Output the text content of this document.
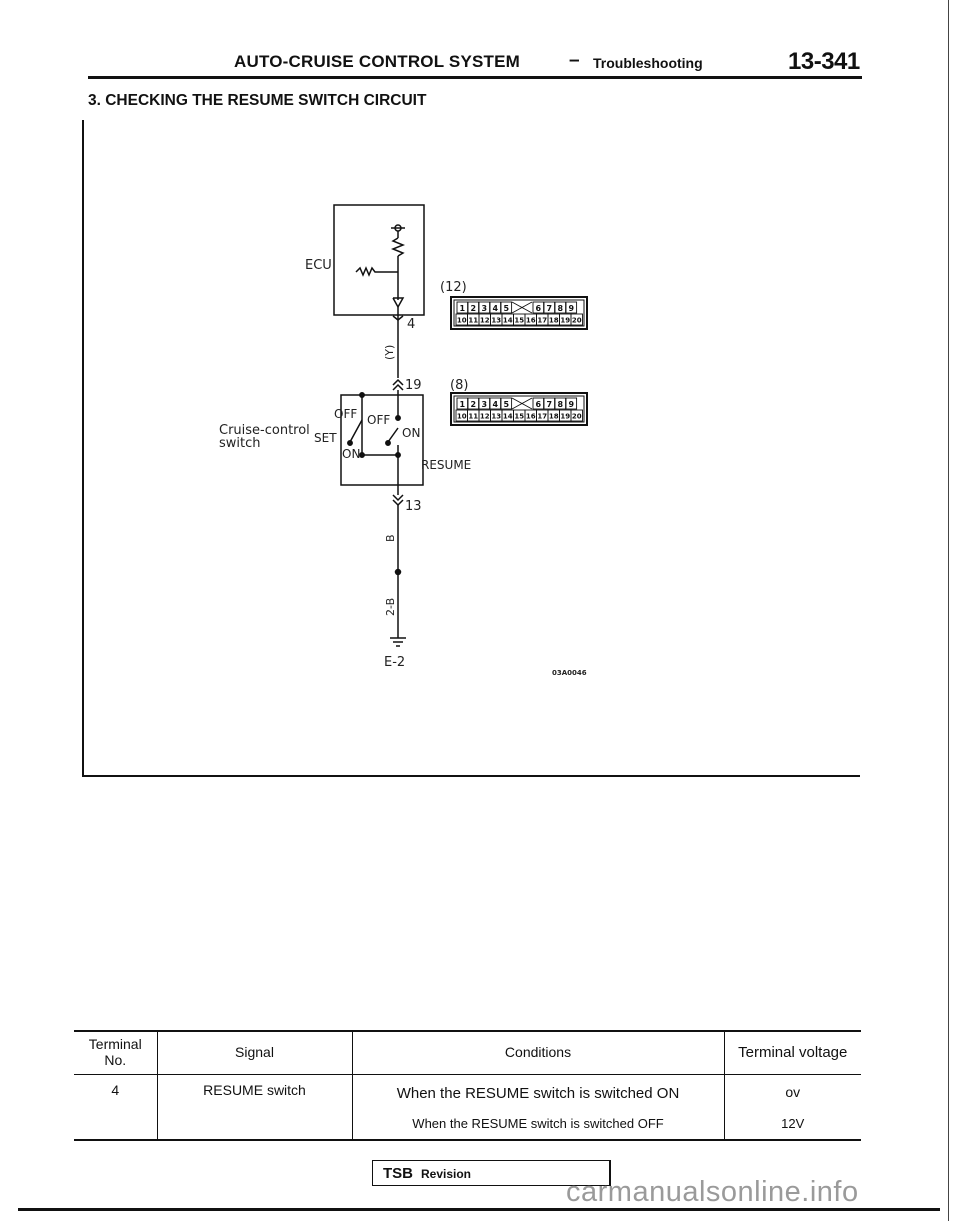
AUTO-CRUISE CONTROL SYSTEM	– Troubleshooting	13-341
3. CHECKING THE RESUME SWITCH CIRCUIT
ECU
4
(Y)
19
Cruise-control
switch
OFF OFF
SET
ON
ON
RESUME
13
B
2-B
E-2
03A0046
(12)
(8)
1 2 3 4 5	6 7 8 9
10 11 12 13 14 15 16 17 18 19 20
1 2 3 4 5	6 7 8 9
10 11 12 13 14 15 16 17 18 19 20
Terminal No.	Signal	Conditions	Terminal voltage
4	RESUME switch	When the RESUME switch is switched ON	ov
		When the RESUME switch is switched OFF	12V
TSB Revision
carmanualsonline.info
